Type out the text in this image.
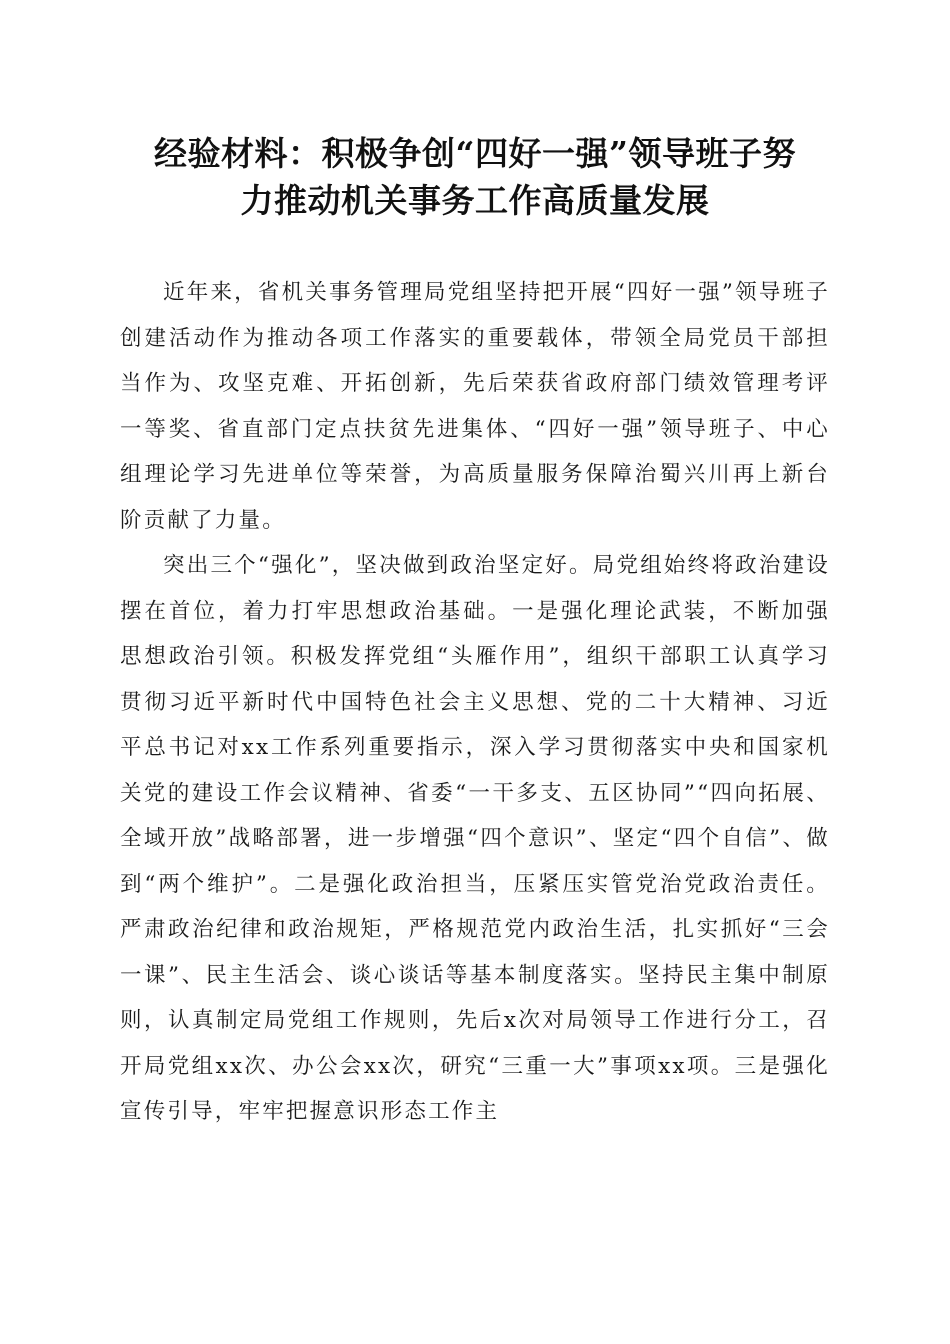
经验材料：积极争创“四好一强”领导班子努
力推动机关事务工作高质量发展

近年来，省机关事务管理局党组坚持把开展“四好一强”领导班子创建活动作为推动各项工作落实的重要载体，带领全局党员干部担当作为、攻坚克难、开拓创新，先后荣获省政府部门绩效管理考评一等奖、省直部门定点扶贫先进集体、“四好一强”领导班子、中心组理论学习先进单位等荣誉，为高质量服务保障治蜀兴川再上新台阶贡献了力量。

突出三个“强化”，坚决做到政治坚定好。局党组始终将政治建设摆在首位，着力打牢思想政治基础。一是强化理论武装，不断加强思想政治引领。积极发挥党组“头雁作用”，组织干部职工认真学习贯彻习近平新时代中国特色社会主义思想、党的二十大精神、习近平总书记对xx工作系列重要指示，深入学习贯彻落实中央和国家机关党的建设工作会议精神、省委“一干多支、五区协同”“四向拓展、全域开放”战略部署，进一步增强“四个意识”、坚定“四个自信”、做到“两个维护”。二是强化政治担当，压紧压实管党治党政治责任。严肃政治纪律和政治规矩，严格规范党内政治生活，扎实抓好“三会一课”、民主生活会、谈心谈话等基本制度落实。坚持民主集中制原则，认真制定局党组工作规则，先后x次对局领导工作进行分工，召开局党组xx次、办公会xx次，研究“三重一大”事项xx项。三是强化宣传引导，牢牢把握意识形态工作主
